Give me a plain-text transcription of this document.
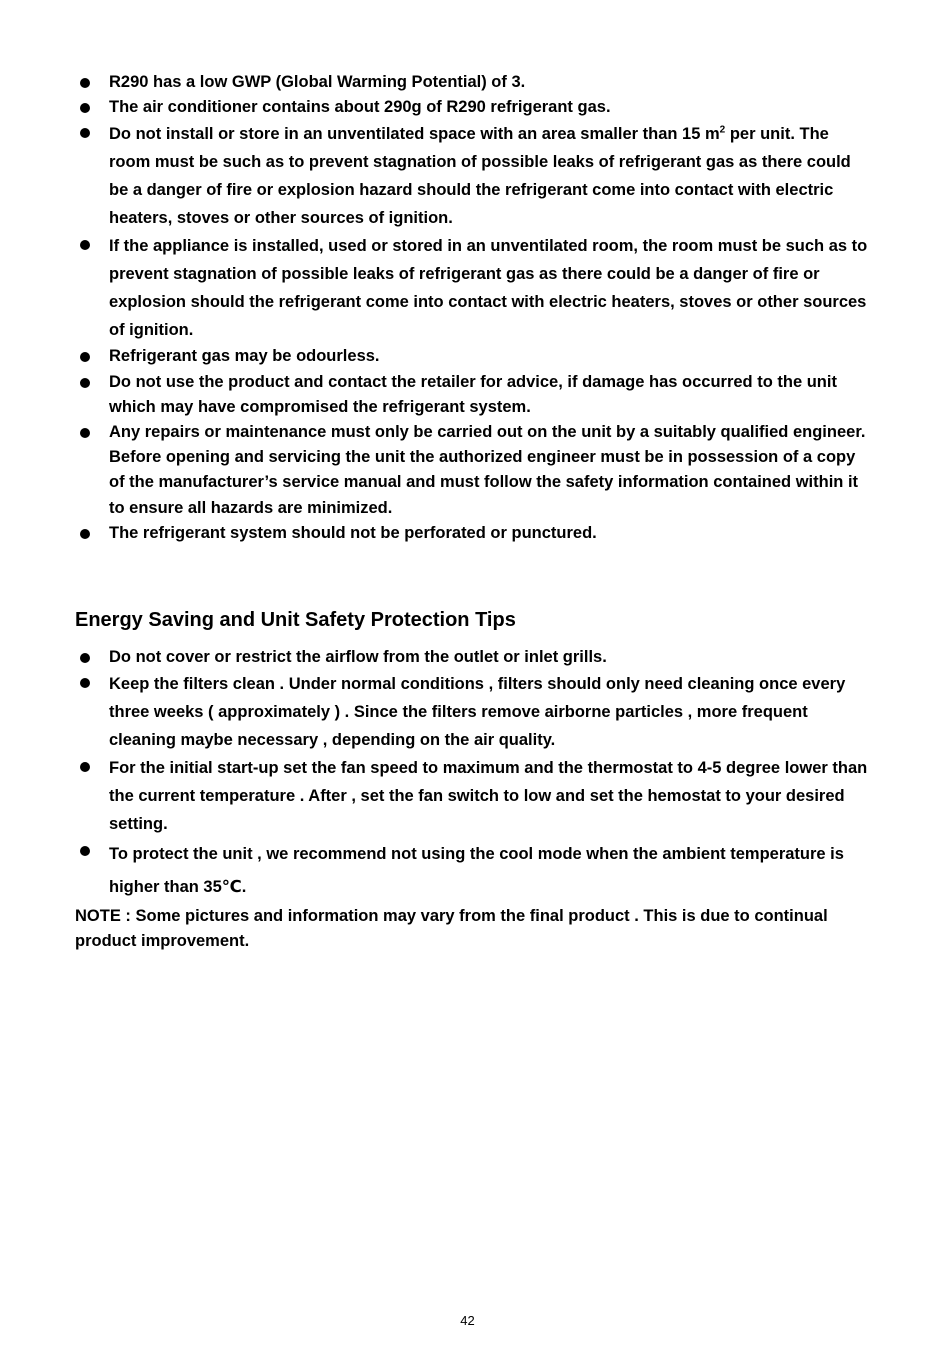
R290 has a low GWP (Global Warming Potential) of 3.
The air conditioner contains about 290g of R290 refrigerant gas.
Do not install or store in an unventilated space with an area smaller than 15 $m^2$ per unit. The room must be such as to prevent stagnation of possible leaks of refrigerant gas as there could be a danger of fire or explosion hazard should the refrigerant come into contact with electric heaters, stoves or other sources of ignition.
If the appliance is installed, used or stored in an unventilated room, the room must be such as to prevent stagnation of possible leaks of refrigerant gas as there could be a danger of fire or explosion should the refrigerant come into contact with electric heaters, stoves or other sources of ignition.
Refrigerant gas may be odourless.
Do not use the product and contact the retailer for advice, if damage has occurred to the unit which may have compromised the refrigerant system.
Any repairs or maintenance must only be carried out on the unit by a suitably qualified engineer. Before opening and servicing the unit the authorized engineer must be in possession of a copy of the manufacturer’s service manual and must follow the safety information contained within it to ensure all hazards are minimized.
The refrigerant system should not be perforated or punctured.
Energy Saving and Unit Safety Protection Tips
Do not cover or restrict the airflow from the outlet or inlet grills.
Keep the filters clean . Under normal conditions , filters should only need cleaning once every three weeks ( approximately ) . Since the filters remove airborne particles , more frequent cleaning maybe necessary , depending on the air quality.
For the initial start-up set the fan speed to maximum and the thermostat to 4-5 degree lower than the current temperature . After , set the fan switch to low and set the hemostat to your desired setting.
To protect the unit , we recommend not using the cool mode when the ambient temperature is higher than 35℃.

NOTE : Some pictures and information may vary from the final product . This is due to continual product improvement.

42
